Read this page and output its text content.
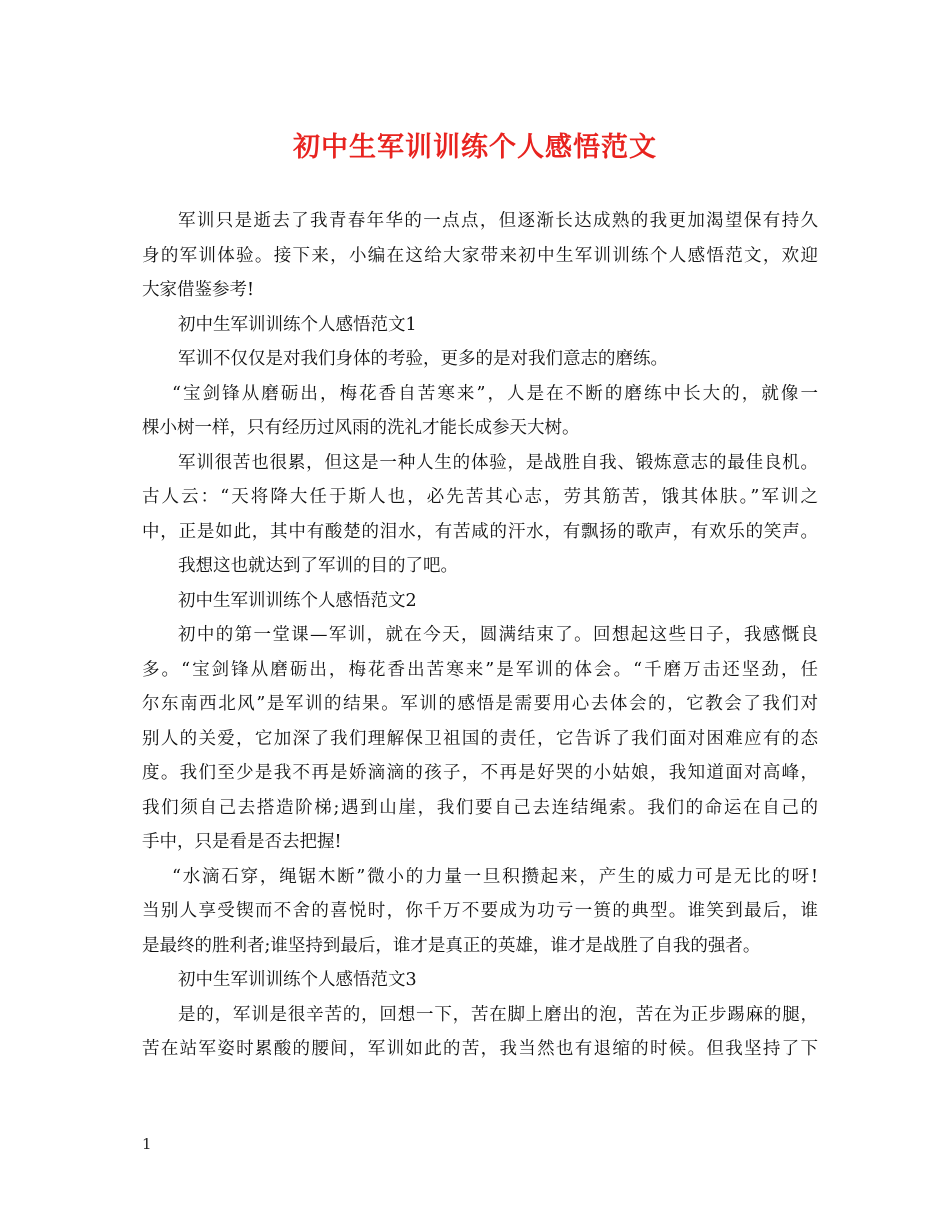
初中生军训训练个人感悟范文
军训只是逝去了我青春年华的一点点，但逐渐长达成熟的我更加渴望保有持久
身的军训体验。接下来，小编在这给大家带来初中生军训训练个人感悟范文，欢迎
大家借鉴参考!
初中生军训训练个人感悟范文1
军训不仅仅是对我们身体的考验，更多的是对我们意志的磨练。
“宝剑锋从磨砺出，梅花香自苦寒来”，人是在不断的磨练中长大的，就像一
棵小树一样，只有经历过风雨的洗礼才能长成参天大树。
军训很苦也很累，但这是一种人生的体验，是战胜自我、锻炼意志的最佳良机。
古人云：“天将降大任于斯人也，必先苦其心志，劳其筋苦，饿其体肤。”军训之
中，正是如此，其中有酸楚的泪水，有苦咸的汗水，有飘扬的歌声，有欢乐的笑声。
我想这也就达到了军训的目的了吧。
初中生军训训练个人感悟范文2
初中的第一堂课—军训，就在今天，圆满结束了。回想起这些日子，我感慨良
多。“宝剑锋从磨砺出，梅花香出苦寒来”是军训的体会。“千磨万击还坚劲，任
尔东南西北风”是军训的结果。军训的感悟是需要用心去体会的，它教会了我们对
别人的关爱，它加深了我们理解保卫祖国的责任，它告诉了我们面对困难应有的态
度。我们至少是我不再是娇滴滴的孩子，不再是好哭的小姑娘，我知道面对高峰，
我们须自己去搭造阶梯;遇到山崖，我们要自己去连结绳索。我们的命运在自己的
手中，只是看是否去把握!
“水滴石穿，绳锯木断”微小的力量一旦积攒起来，产生的威力可是无比的呀!
当别人享受锲而不舍的喜悦时，你千万不要成为功亏一篑的典型。谁笑到最后，谁
是最终的胜利者;谁坚持到最后，谁才是真正的英雄，谁才是战胜了自我的强者。
初中生军训训练个人感悟范文3
是的，军训是很辛苦的，回想一下，苦在脚上磨出的泡，苦在为正步踢麻的腿，
苦在站军姿时累酸的腰间，军训如此的苦，我当然也有退缩的时候。但我坚持了下
1
